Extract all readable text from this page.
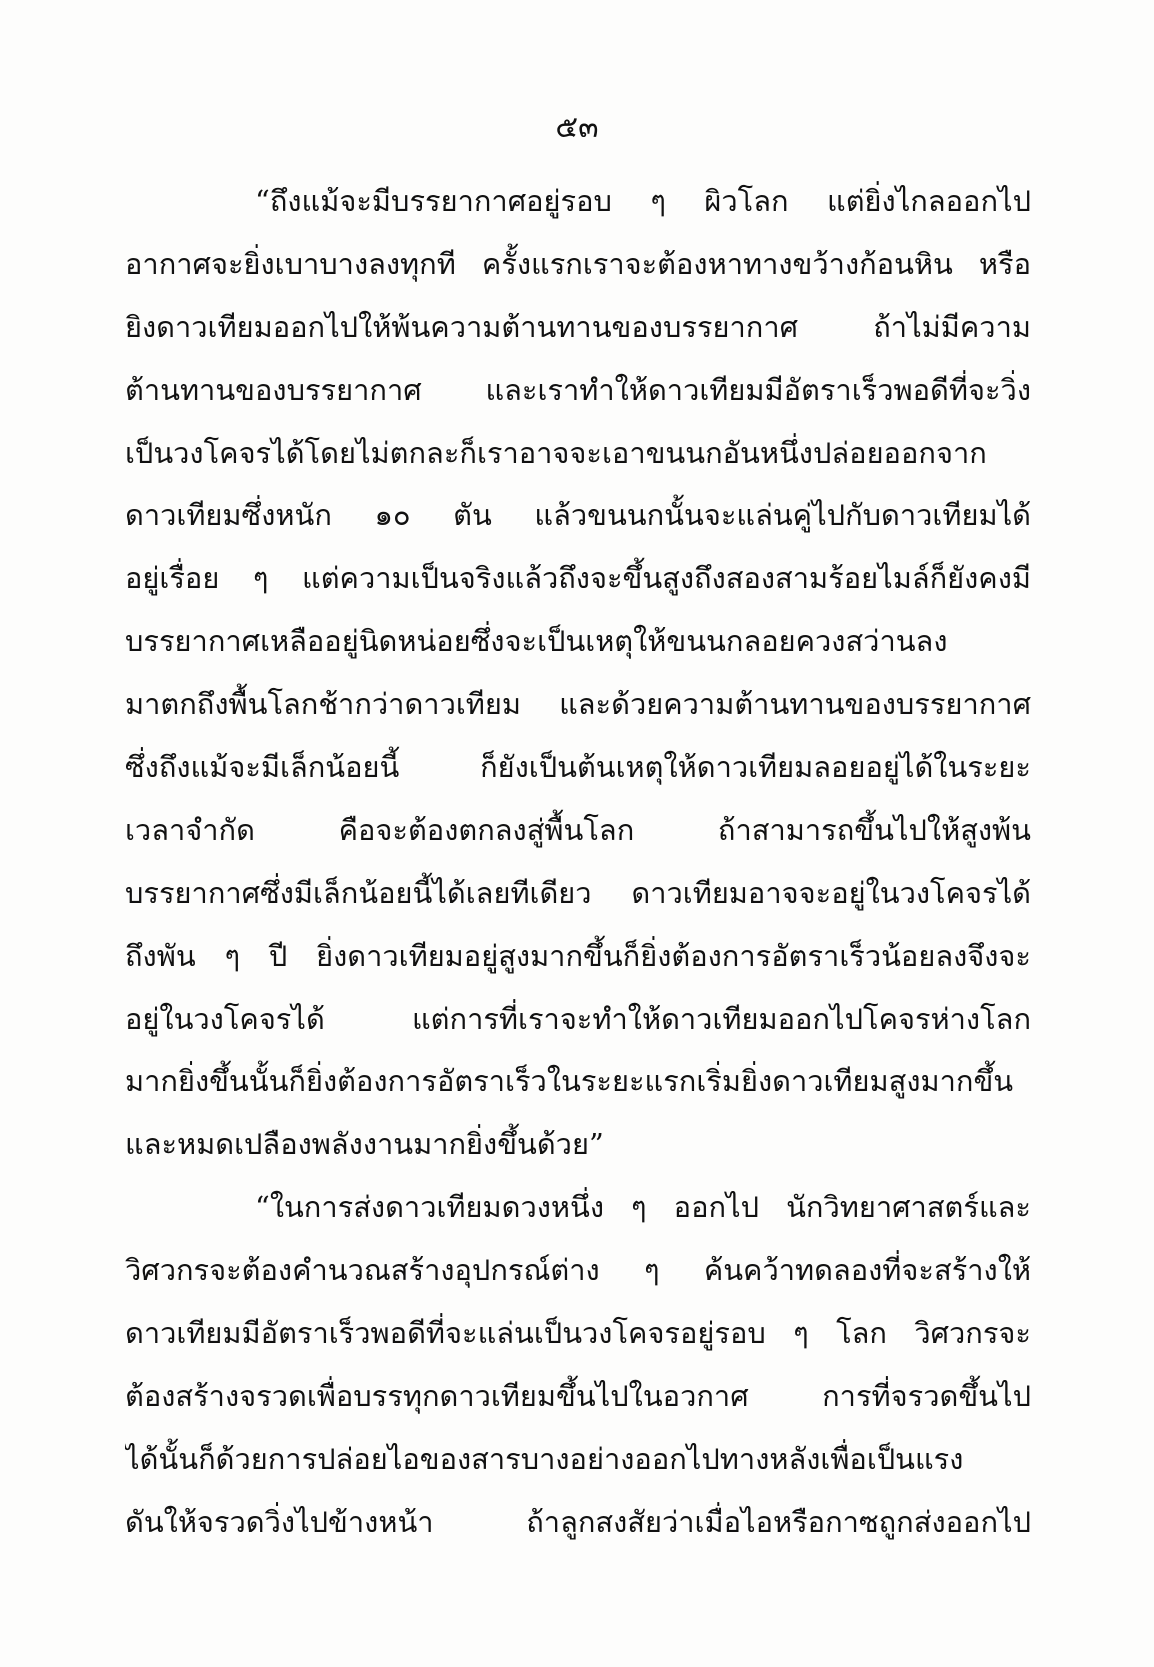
๕๓
“ถึงแม้จะมีบรรยากาศอยู่รอบ ๆ ผิวโลก แต่ยิ่งไกลออกไป
อากาศจะยิ่งเบาบางลงทุกที ครั้งแรกเราจะต้องหาทางขว้างก้อนหิน หรือ
ยิงดาวเทียมออกไปให้พ้นความต้านทานของบรรยากาศ ถ้าไม่มีความ
ต้านทานของบรรยากาศ และเราทำให้ดาวเทียมมีอัตราเร็วพอดีที่จะวิ่ง
เป็นวงโคจรได้โดยไม่ตกละก็เราอาจจะเอาขนนกอันหนึ่งปล่อยออกจาก
ดาวเทียมซึ่งหนัก ๑๐ ตัน แล้วขนนกนั้นจะแล่นคู่ไปกับดาวเทียมได้
อยู่เรื่อย ๆ แต่ความเป็นจริงแล้วถึงจะขึ้นสูงถึงสองสามร้อยไมล์ก็ยังคงมี
บรรยากาศเหลืออยู่นิดหน่อยซึ่งจะเป็นเหตุให้ขนนกลอยควงสว่านลง
มาตกถึงพื้นโลกช้ากว่าดาวเทียม และด้วยความต้านทานของบรรยากาศ
ซึ่งถึงแม้จะมีเล็กน้อยนี้ ก็ยังเป็นต้นเหตุให้ดาวเทียมลอยอยู่ได้ในระยะ
เวลาจำกัด คือจะต้องตกลงสู่พื้นโลก ถ้าสามารถขึ้นไปให้สูงพ้น
บรรยากาศซึ่งมีเล็กน้อยนี้ได้เลยทีเดียว ดาวเทียมอาจจะอยู่ในวงโคจรได้
ถึงพัน ๆ ปี ยิ่งดาวเทียมอยู่สูงมากขึ้นก็ยิ่งต้องการอัตราเร็วน้อยลงจึงจะ
อยู่ในวงโคจรได้ แต่การที่เราจะทำให้ดาวเทียมออกไปโคจรห่างโลก
มากยิ่งขึ้นนั้นก็ยิ่งต้องการอัตราเร็วในระยะแรกเริ่มยิ่งดาวเทียมสูงมากขึ้น
และหมดเปลืองพลังงานมากยิ่งขึ้นด้วย”
“ในการส่งดาวเทียมดวงหนึ่ง ๆ ออกไป นักวิทยาศาสตร์และ
วิศวกรจะต้องคำนวณสร้างอุปกรณ์ต่าง ๆ ค้นคว้าทดลองที่จะสร้างให้
ดาวเทียมมีอัตราเร็วพอดีที่จะแล่นเป็นวงโคจรอยู่รอบ ๆ โลก วิศวกรจะ
ต้องสร้างจรวดเพื่อบรรทุกดาวเทียมขึ้นไปในอวกาศ การที่จรวดขึ้นไป
ได้นั้นก็ด้วยการปล่อยไอของสารบางอย่างออกไปทางหลังเพื่อเป็นแรง
ดันให้จรวดวิ่งไปข้างหน้า ถ้าลูกสงสัยว่าเมื่อไอหรือกาซถูกส่งออกไป
